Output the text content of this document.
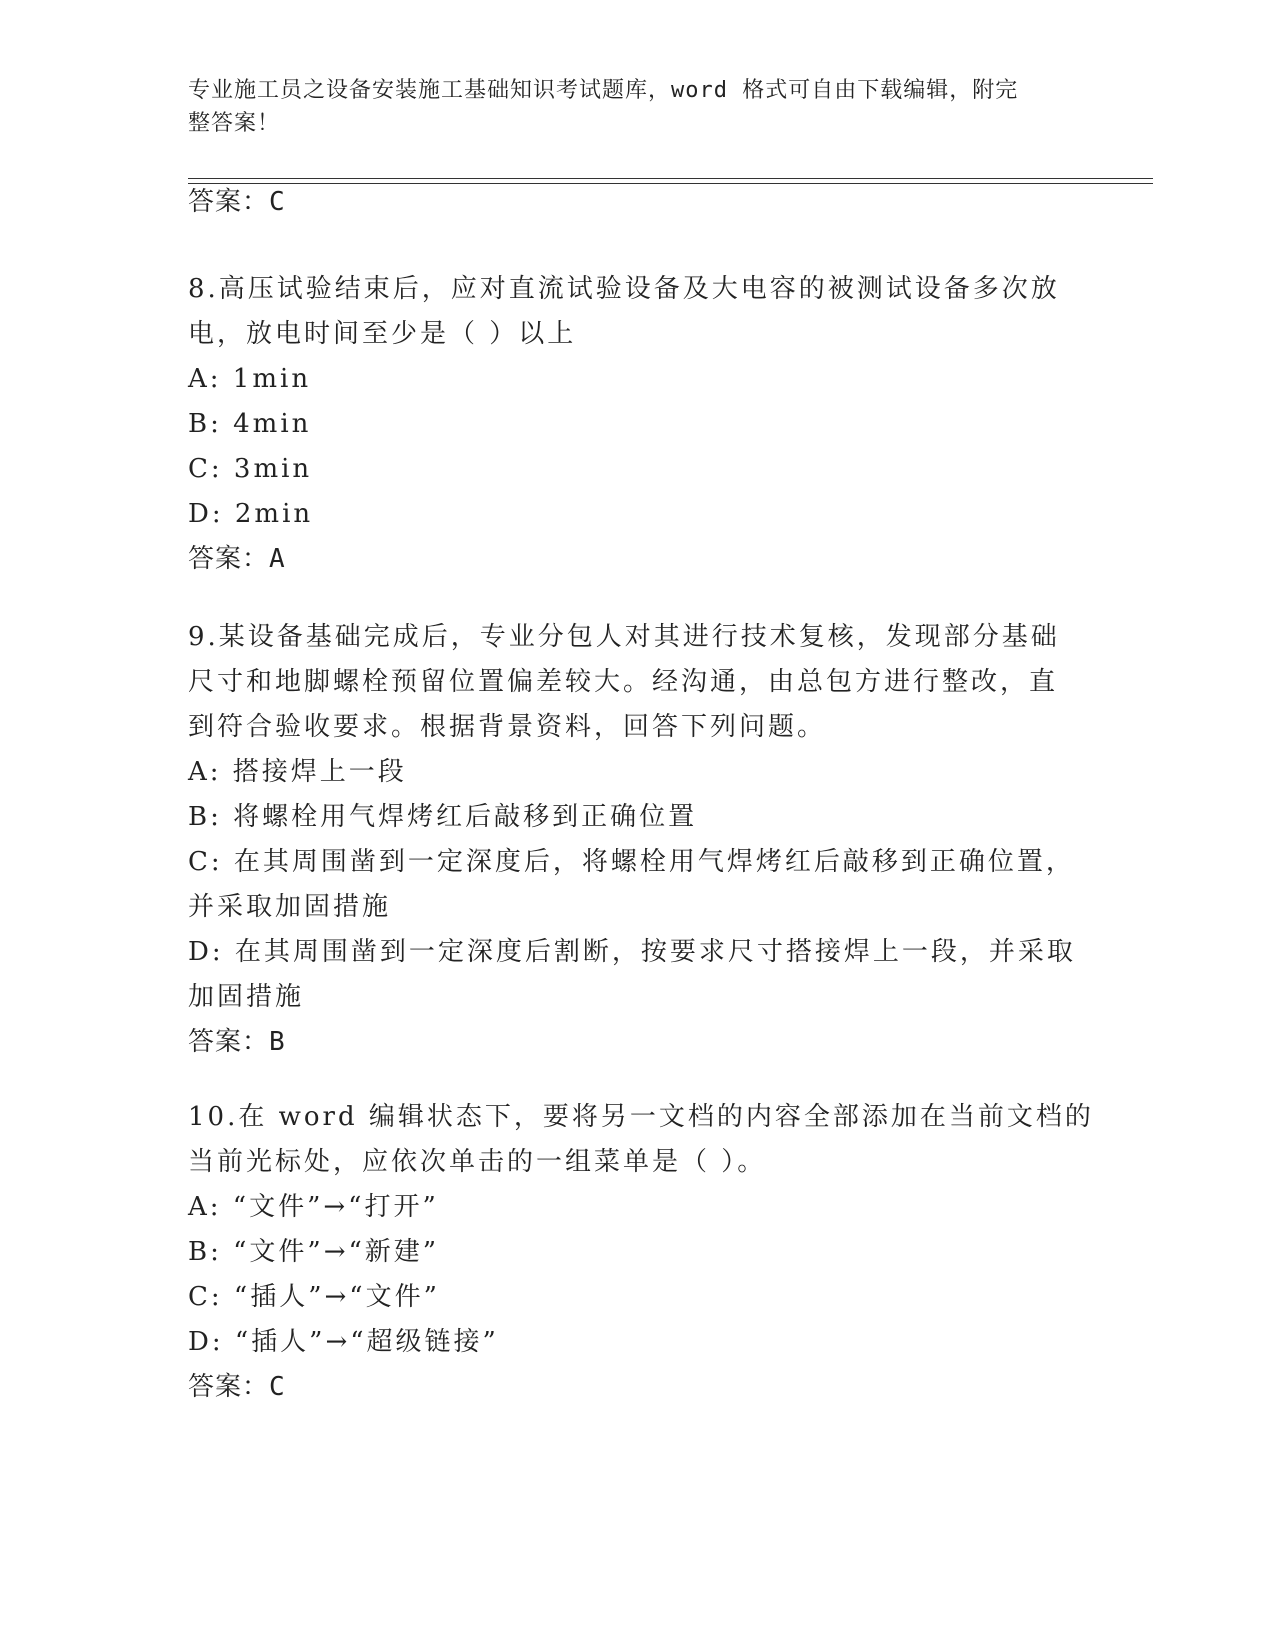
专业施工员之设备安装施工基础知识考试题库，word 格式可自由下载编辑，附完
整答案！
答案：C
8.高压试验结束后，应对直流试验设备及大电容的被测试设备多次放
电，放电时间至少是（ ）以上
A: 1min
B: 4min
C: 3min
D: 2min
答案：A
9.某设备基础完成后，专业分包人对其进行技术复核，发现部分基础
尺寸和地脚螺栓预留位置偏差较大。经沟通，由总包方进行整改，直
到符合验收要求。根据背景资料，回答下列问题。
A: 搭接焊上一段
B: 将螺栓用气焊烤红后敲移到正确位置
C: 在其周围凿到一定深度后，将螺栓用气焊烤红后敲移到正确位置，
并采取加固措施
D: 在其周围凿到一定深度后割断，按要求尺寸搭接焊上一段，并采取
加固措施
答案：B
10.在 word 编辑状态下，要将另一文档的内容全部添加在当前文档的
当前光标处，应依次单击的一组菜单是（ ）。
A: “文件”→“打开”
B: “文件”→“新建”
C: “插人”→“文件”
D: “插人”→“超级链接”
答案：C
